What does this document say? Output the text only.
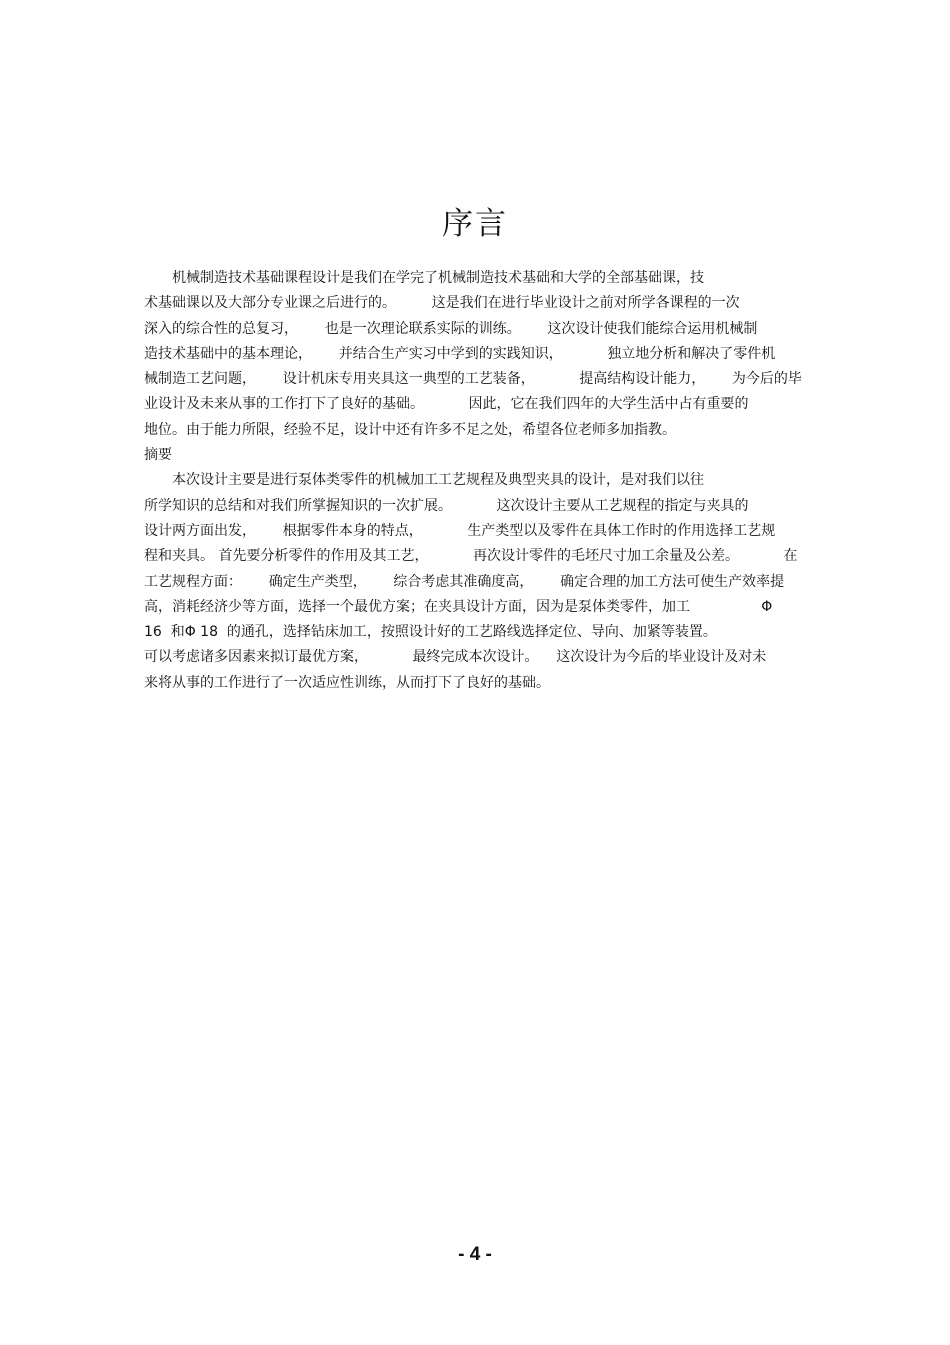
序言
机械制造技术基础课程设计是我们在学完了机械制造技术基础和大学的全部基础课，技
术基础课以及大部分专业课之后进行的。        这是我们在进行毕业设计之前对所学各课程的一次
深入的综合性的总复习，      也是一次理论联系实际的训练。      这次设计使我们能综合运用机械制
造技术基础中的基本理论，      并结合生产实习中学到的实践知识，          独立地分析和解决了零件机
械制造工艺问题，      设计机床专用夹具这一典型的工艺装备，          提高结构设计能力，      为今后的毕
业设计及未来从事的工作打下了良好的基础。          因此，它在我们四年的大学生活中占有重要的
地位。由于能力所限，经验不足，设计中还有许多不足之处，希望各位老师多加指教。
摘要
本次设计主要是进行泵体类零件的机械加工工艺规程及典型夹具的设计，是对我们以往
所学知识的总结和对我们所掌握知识的一次扩展。          这次设计主要从工艺规程的指定与夹具的
设计两方面出发，      根据零件本身的特点，          生产类型以及零件在具体工作时的作用选择工艺规
程和夹具。 首先要分析零件的作用及其工艺，          再次设计零件的毛坯尺寸加工余量及公差。          在
工艺规程方面：      确定生产类型，      综合考虑其准确度高，      确定合理的加工方法可使生产效率提
高，消耗经济少等方面，选择一个最优方案；在夹具设计方面，因为是泵体类零件，加工                Φ
16  和Φ 18  的通孔，选择钻床加工，按照设计好的工艺路线选择定位、导向、加紧等装置。
可以考虑诸多因素来拟订最优方案，          最终完成本次设计。    这次设计为今后的毕业设计及对未
来将从事的工作进行了一次适应性训练，从而打下了良好的基础。
- 4 -
